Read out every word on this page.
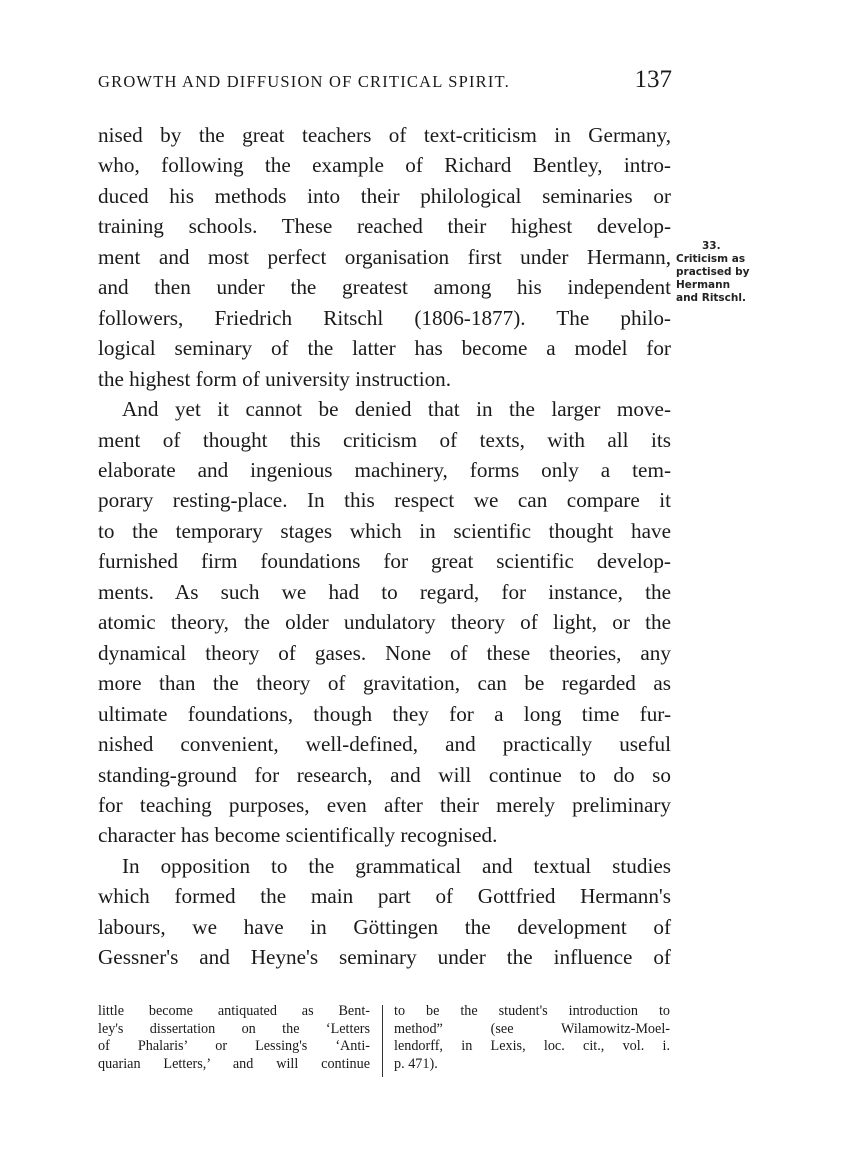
GROWTH AND DIFFUSION OF CRITICAL SPIRIT.	137
nised by the great teachers of text-criticism in Germany,
who, following the example of Richard Bentley, intro-
duced his methods into their philological seminaries or
training schools. These reached their highest develop-
ment and most perfect organisation first under Hermann,
and then under the greatest among his independent
followers, Friedrich Ritschl (1806-1877). The philo-
logical seminary of the latter has become a model for
the highest form of university instruction.
And yet it cannot be denied that in the larger move-
ment of thought this criticism of texts, with all its
elaborate and ingenious machinery, forms only a tem-
porary resting-place. In this respect we can compare it
to the temporary stages which in scientific thought have
furnished firm foundations for great scientific develop-
ments. As such we had to regard, for instance, the
atomic theory, the older undulatory theory of light, or the
dynamical theory of gases. None of these theories, any
more than the theory of gravitation, can be regarded as
ultimate foundations, though they for a long time fur-
nished convenient, well-defined, and practically useful
standing-ground for research, and will continue to do so
for teaching purposes, even after their merely preliminary
character has become scientifically recognised.
In opposition to the grammatical and textual studies
which formed the main part of Gottfried Hermann's
labours, we have in Göttingen the development of
Gessner's and Heyne's seminary under the influence of
33.
Criticism as
practised by
Hermann
and Ritschl.
little become antiquated as Bent-
ley's dissertation on the ‘Letters
of Phalaris’ or Lessing's ‘Anti-
quarian Letters,’ and will continue
to be the student's introduction to
method” (see Wilamowitz-Moel-
lendorff, in Lexis, loc. cit., vol. i.
p. 471).
